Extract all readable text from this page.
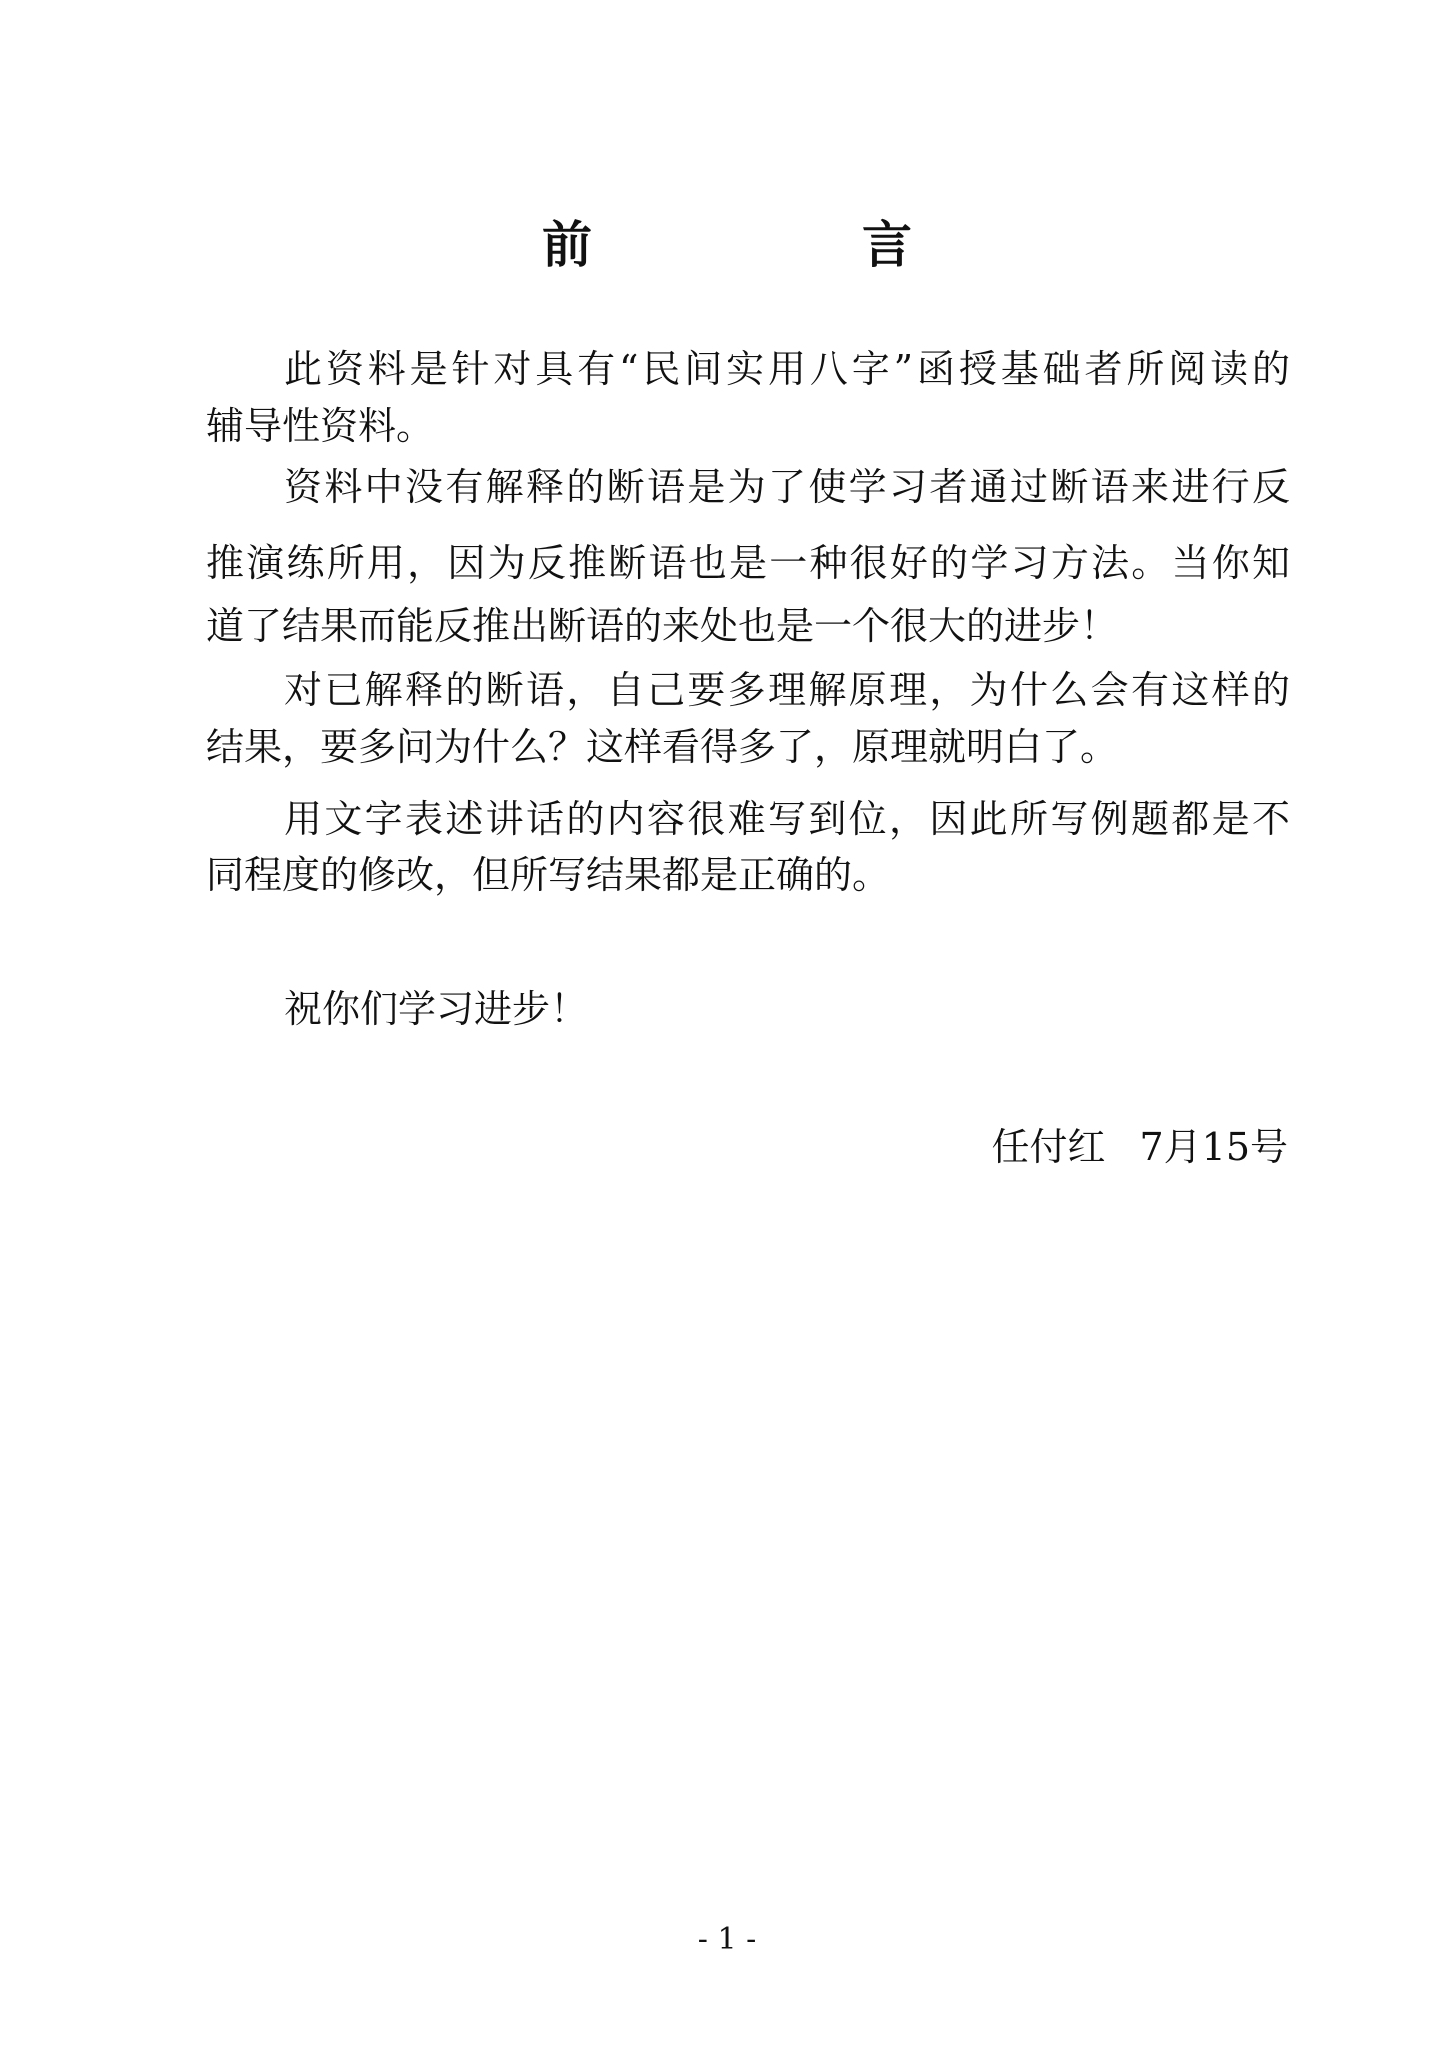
前　言
此资料是针对具有“民间实用八字”函授基础者所阅读的
辅导性资料。
资料中没有解释的断语是为了使学习者通过断语来进行反
推演练所用，因为反推断语也是一种很好的学习方法。当你知
道了结果而能反推出断语的来处也是一个很大的进步！
对已解释的断语，自己要多理解原理，为什么会有这样的
结果，要多问为什么？这样看得多了，原理就明白了。
用文字表述讲话的内容很难写到位，因此所写例题都是不
同程度的修改，但所写结果都是正确的。
祝你们学习进步！
任付红 7月15号
- 1 -
